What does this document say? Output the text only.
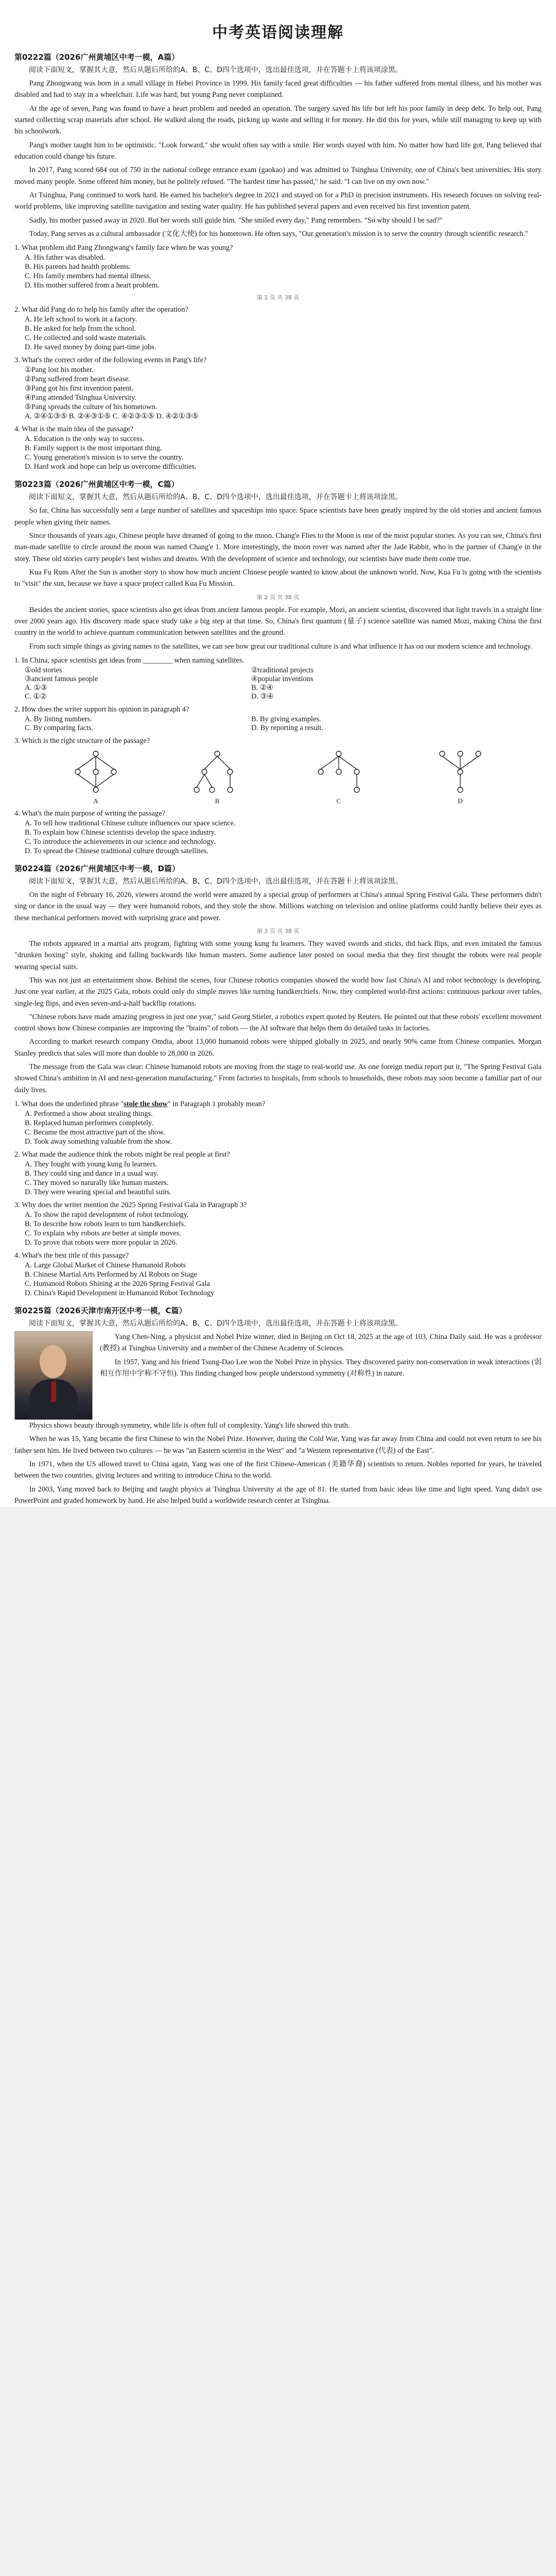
中考英语阅读理解
第0222篇（2026广州黄埔区中考一模，A篇）
阅读下面短文，掌握其大意，然后从题后所给的A、B、C、D四个选项中，选出最佳选项，并在答题卡上将该项涂黑。

Pang Zhongwang was born in a small village in Hebei Province in 1999. His family faced great difficulties — his father suffered from mental illness, and his mother was disabled and had to stay in a wheelchair. Life was hard, but young Pang never complained.

At the age of seven, Pang was found to have a heart problem and needed an operation. The surgery saved his life but left his poor family in deep debt. To help out, Pang started collecting scrap materials after school. He walked along the roads, picking up waste and selling it for money. He did this for years, while still managing to keep up with his schoolwork.

Pang's mother taught him to be optimistic. "Look forward," she would often say with a smile. Her words stayed with him. No matter how hard life got, Pang believed that education could change his future.

In 2017, Pang scored 684 out of 750 in the national college entrance exam (gaokao) and was admitted to Tsinghua University, one of China's best universities. His story moved many people. Some offered him money, but he politely refused. "The hardest time has passed," he said. "I can live on my own now."

At Tsinghua, Pang continued to work hard. He earned his bachelor's degree in 2021 and stayed on for a PhD in precision instruments. His research focuses on solving real-world problems, like improving satellite navigation and testing water quality. He has published several papers and even received his first invention patent.

Sadly, his mother passed away in 2020. But her words still guide him. "She smiled every day," Pang remembers. "So why should I be sad?"

Today, Pang serves as a cultural ambassador (文化大使) for his hometown. He often says, "Our generation's mission is to serve the country through scientific research."

1. What problem did Pang Zhongwang's family face when he was young?
A. His father was disabled.
B. His parents had health problems.
C. His family members had mental illness.
D. His mother suffered from a heart problem.
第 1 页 共 38 页
2. What did Pang do to help his family after the operation?
A. He left school to work in a factory.
B. He asked for help from the school.
C. He collected and sold waste materials.
D. He saved money by doing part-time jobs.
3. What's the correct order of the following events in Pang's life?
①Pang lost his mother.
②Pang suffered from heart disease.
③Pang got his first invention patent.
④Pang attended Tsinghua University.
⑤Pang spreads the culture of his hometown.
A. ②④①③⑤ B. ②④③①⑤ C. ④②③①⑤ D. ④②①③⑤
4. What is the main idea of the passage?
A. Education is the only way to success.
B. Family support is the most important thing.
C. Young generation's mission is to serve the country.
D. Hard work and hope can help us overcome difficulties.
第0223篇（2026广州黄埔区中考一模，C篇）
阅读下面短文，掌握其大意，然后从题后所给的A、B、C、D四个选项中，选出最佳选项，并在答题卡上将该项涂黑。

So far, China has successfully sent a large number of satellites and spaceships into space. Space scientists have been greatly inspired by the old stories and ancient famous people when giving their names.

Since thousands of years ago, Chinese people have dreamed of going to the moon. Chang'e Flies to the Moon is one of the most popular stories. As you can see, China's first man-made satellite to circle around the moon was named Chang'e 1. More interestingly, the moon rover was named after the Jade Rabbit, who is the partner of Chang'e in the story. These old stories carry people's best wishes and dreams. With the development of science and technology, our scientists have made them come true.

Kua Fu Runs After the Sun is another story to show how much ancient Chinese people wanted to know about the unknown world. Now, Kua Fu is going with the scientists to "visit" the sun, because we have a space project called Kua Fu Mission.

第 2 页 共 38 页

Besides the ancient stories, space scientists also get ideas from ancient famous people. For example, Mozi, an ancient scientist, discovered that light travels in a straight line over 2000 years ago. His discovery made space study take a big step at that time. So, China's first quantum (量子) science satellite was named Mozi, making China the first country in the world to achieve quantum communication between satellites and the ground.

From such simple things as giving names to the satellites, we can see how great our traditional culture is and what influence it has on our modern science and technology.

1. In China, space scientists get ideas from ________ when naming satellites.
①old stories	②traditional projects
③ancient famous people	④popular inventions
A. ①③	B. ②④
C. ①②	D. ③④
2. How does the writer support his opinion in paragraph 4?
A. By listing numbers.	B. By giving examples.
C. By comparing facts.	D. By reporting a result.
3. Which is the right structure of the passage?
A	B	C	D
4. What's the main purpose of writing the passage?
A. To tell how traditional Chinese culture influences our space science.
B. To explain how Chinese scientists develop the space industry.
C. To introduce the achievements in our science and technology.
D. To spread the Chinese traditional culture through satellites.
第0224篇（2026广州黄埔区中考一模，D篇）
阅读下面短文，掌握其大意，然后从题后所给的A、B、C、D四个选项中，选出最佳选项，并在答题卡上将该项涂黑。

On the night of February 16, 2026, viewers around the world were amazed by a special group of performers at China's annual Spring Festival Gala. These performers didn't sing or dance in the usual way — they were humanoid robots, and they stole the show. Millions watching on television and online platforms could hardly believe their eyes as these mechanical performers moved with surprising grace and power.

第 3 页 共 38 页

The robots appeared in a martial arts program, fighting with some young kung fu learners. They waved swords and sticks, did back flips, and even imitated the famous "drunken boxing" style, shaking and falling backwards like human masters. Some audience later posted on social media that they first thought the robots were real people wearing special suits.

This was not just an entertainment show. Behind the scenes, four Chinese robotics companies showed the world how fast China's AI and robot technology is developing. Just one year earlier, at the 2025 Gala, robots could only do simple moves like turning handkerchiefs. Now, they completed world-first actions: continuous parkour over tables, single-leg flips, and even seven-and-a-half backflip rotations.

"Chinese robots have made amazing progress in just one year," said Georg Stieler, a robotics expert quoted by Reuters. He pointed out that these robots' excellent movement control shows how Chinese companies are improving the "brains" of robots — the AI software that helps them do detailed tasks in factories.

According to market research company Omdia, about 13,000 humanoid robots were shipped globally in 2025, and nearly 90% came from Chinese companies. Morgan Stanley predicts that sales will more than double to 28,000 in 2026.

The message from the Gala was clear: Chinese humanoid robots are moving from the stage to real-world use. As one foreign media report put it, "The Spring Festival Gala showed China's ambition in AI and next-generation manufacturing." From factories to hospitals, from schools to households, these robots may soon become a familiar part of our daily lives.

1. What does the underlined phrase "stole the show" in Paragraph 1 probably mean?
A. Performed a show about stealing things.
B. Replaced human performers completely.
C. Became the most attractive part of the show.
D. Took away something valuable from the show.
2. What made the audience think the robots might be real people at first?
A. They fought with young kung fu learners.
B. They could sing and dance in a usual way.
C. They moved so naturally like human masters.
D. They were wearing special and beautiful suits.
3. Why does the writer mention the 2025 Spring Festival Gala in Paragraph 3?
A. To show the rapid development of robot technology.
B. To describe how robots learn to turn handkerchiefs.
C. To explain why robots are better at simple moves.
D. To prove that robots were more popular in 2026.
4. What's the best title of this passage?
A. Large Global Market of Chinese Humanoid Robots
B. Chinese Martial Arts Performed by AI Robots on Stage
C. Humanoid Robots Shining at the 2026 Spring Festival Gala
D. China's Rapid Development in Humanoid Robot Technology
第0225篇（2026天津市南开区中考一模，C篇）
阅读下面短文，掌握其大意，然后从题后所给的A、B、C、D四个选项中，选出最佳选项，并在答题卡上将该项涂黑。

Yang Chen-Ning, a physicist and Nobel Prize winner, died in Beijing on Oct 18, 2025 at the age of 103, China Daily said. He was a professor (教授) at Tsinghua University and a member of the Chinese Academy of Sciences.

In 1957, Yang and his friend Tsung-Dao Lee won the Nobel Prize in physics. They discovered parity non-conservation in weak interactions (弱相互作用中宇称不守恒). This finding changed how people understood symmetry (对称性) in nature.

Physics shows beauty through symmetry, while life is often full of complexity. Yang's life showed this truth.

When he was 15, Yang became the first Chinese to win the Nobel Prize. However, during the Cold War, Yang was far away from China and could not even return to see his father sent him. He lived between two cultures — he was "an Eastern scientist in the West" and "a Western representative (代表) of the East".

In 1971, when the US allowed travel to China again, Yang was one of the first Chinese-American (美籍华裔) scientists to return. Nobles reported for years, he traveled between the two countries, giving lectures and writing to introduce China to the world.

In 2003, Yang moved back to Beijing and taught physics at Tsinghua University at the age of 81. He started from basic ideas like time and light speed. Yang didn't use PowerPoint and graded homework by hand. He also helped build a worldwide research center at Tsinghua.
